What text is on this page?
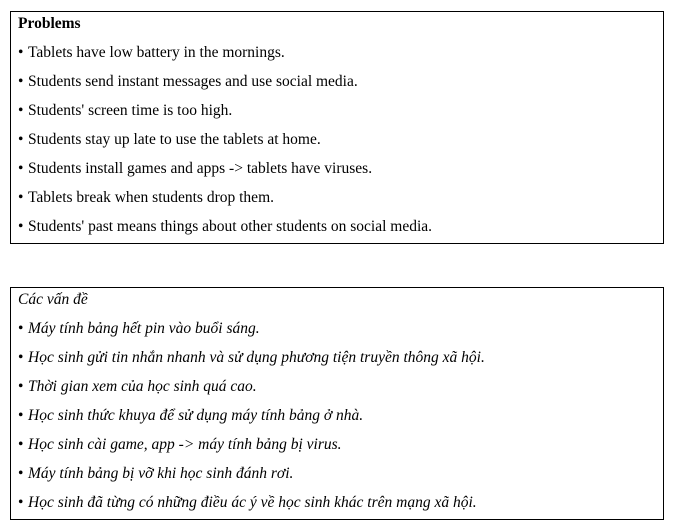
Problems

• Tablets have low battery in the mornings.
• Students send instant messages and use social media.
• Students' screen time is too high.
• Students stay up late to use the tablets at home.
• Students install games and apps -> tablets have viruses.
• Tablets break when students drop them.
• Students' past means things about other students on social media.

Các vấn đề

• Máy tính bảng hết pin vào buổi sáng.
• Học sinh gửi tin nhắn nhanh và sử dụng phương tiện truyền thông xã hội.
• Thời gian xem của học sinh quá cao.
• Học sinh thức khuya để sử dụng máy tính bảng ở nhà.
• Học sinh cài game, app -> máy tính bảng bị virus.
• Máy tính bảng bị vỡ khi học sinh đánh rơi.
• Học sinh đã từng có những điều ác ý về học sinh khác trên mạng xã hội.
